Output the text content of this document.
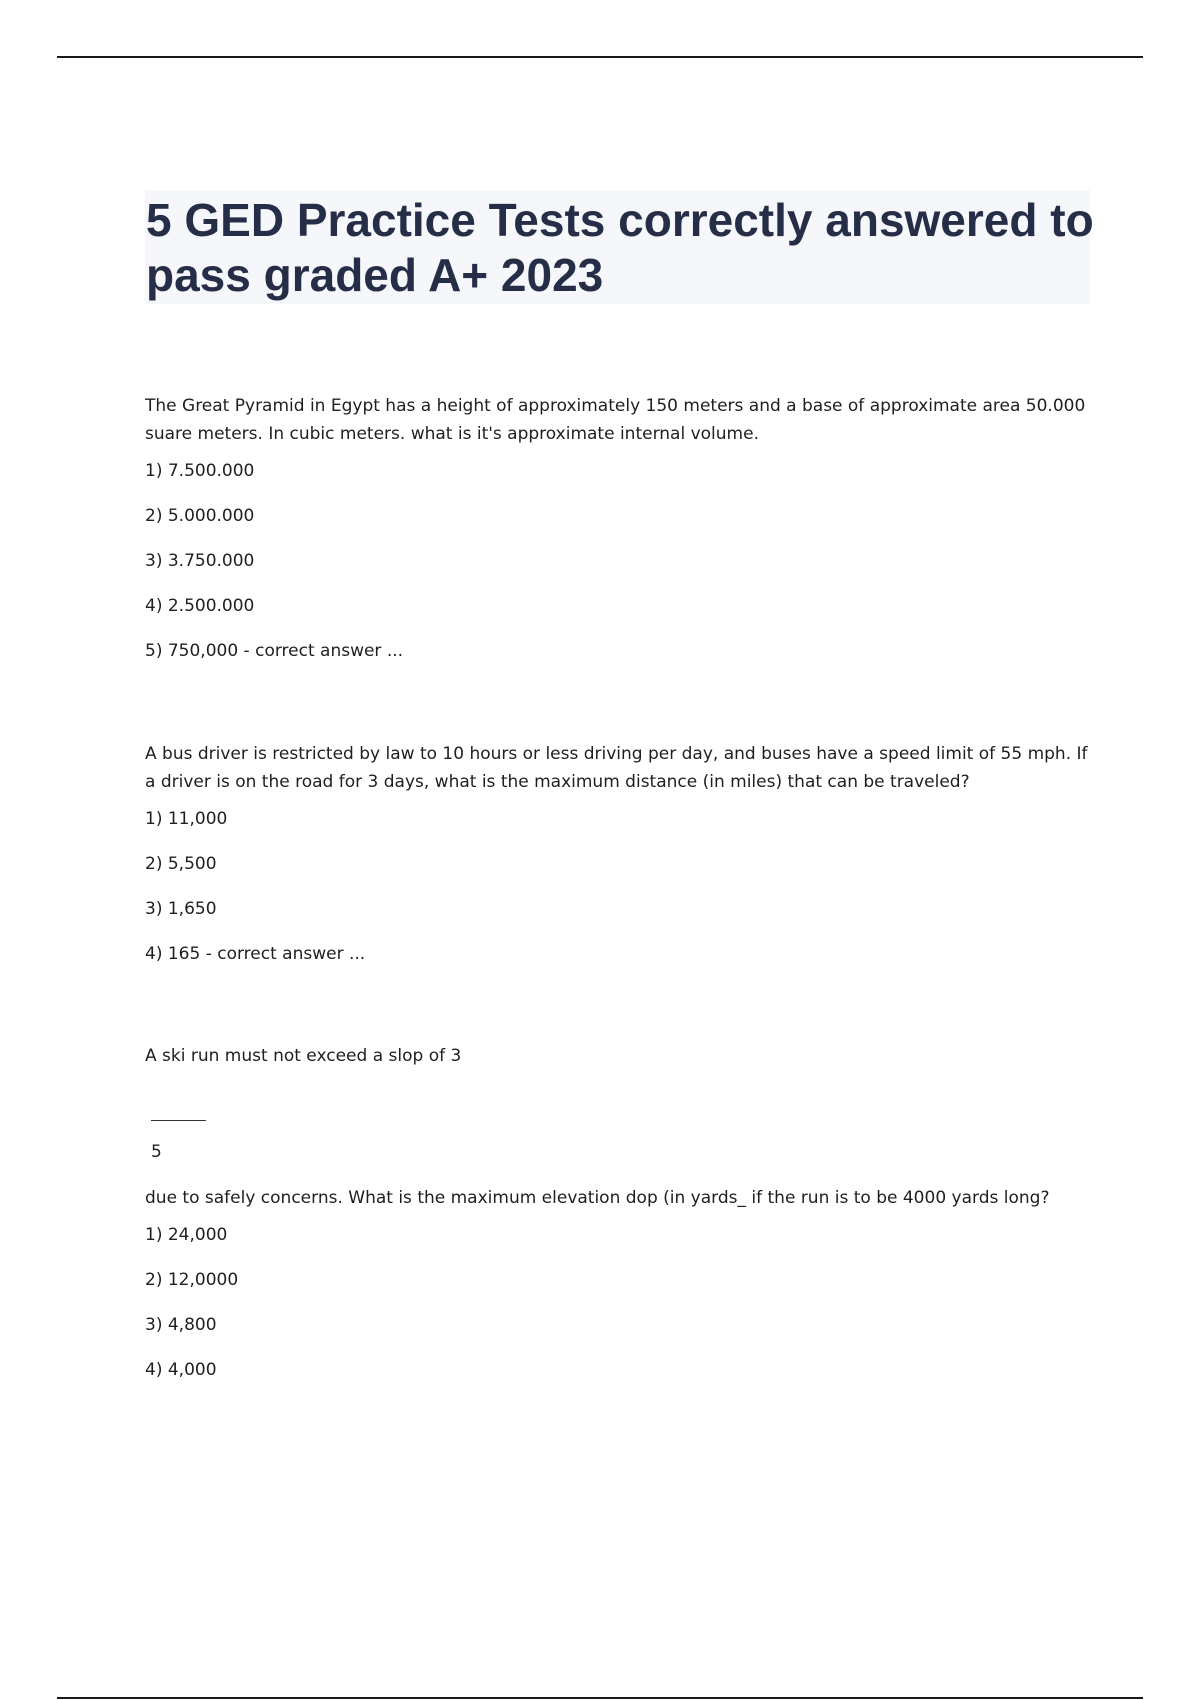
5 GED Practice Tests correctly answered to pass graded A+ 2023

The Great Pyramid in Egypt has a height of approximately 150 meters and a base of approximate area 50.000 suare meters. In cubic meters. what is it's approximate internal volume.

1) 7.500.000

2) 5.000.000

3) 3.750.000

4) 2.500.000

5) 750,000 - correct answer ...

A bus driver is restricted by law to 10 hours or less driving per day, and buses have a speed limit of 55 mph. If a driver is on the road for 3 days, what is the maximum distance (in miles) that can be traveled?

1) 11,000

2) 5,500

3) 1,650

4) 165 - correct answer ...

A ski run must not exceed a slop of 3

5

due to safely concerns. What is the maximum elevation dop (in yards_ if the run is to be 4000 yards long?

1) 24,000

2) 12,0000

3) 4,800

4) 4,000
